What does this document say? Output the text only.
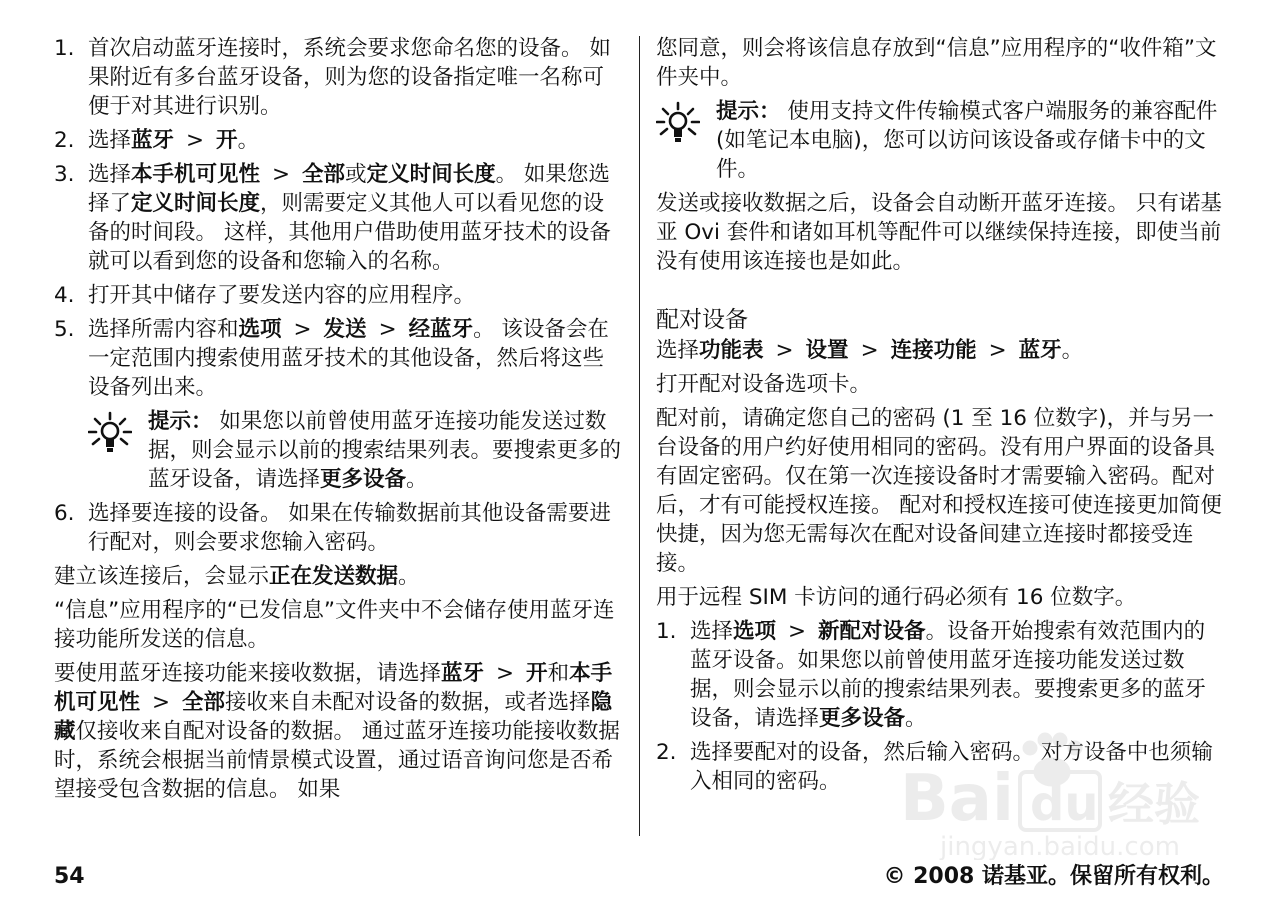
1. 首次启动蓝牙连接时，系统会要求您命名您的设备。 如果附近有多台蓝牙设备，则为您的设备指定唯一名称可便于对其进行识别。
2. 选择蓝牙 > 开。
3. 选择本手机可见性 > 全部或定义时间长度。 如果您选择了定义时间长度，则需要定义其他人可以看见您的设备的时间段。 这样，其他用户借助使用蓝牙技术的设备就可以看到您的设备和您输入的名称。
4. 打开其中储存了要发送内容的应用程序。
5. 选择所需内容和选项 > 发送 > 经蓝牙。 该设备会在一定范围内搜索使用蓝牙技术的其他设备，然后将这些设备列出来。
提示： 如果您以前曾使用蓝牙连接功能发送过数据，则会显示以前的搜索结果列表。要搜索更多的蓝牙设备，请选择更多设备。
6. 选择要连接的设备。 如果在传输数据前其他设备需要进行配对，则会要求您输入密码。

建立该连接后，会显示正在发送数据。

“信息”应用程序的“已发信息”文件夹中不会储存使用蓝牙连接功能所发送的信息。

要使用蓝牙连接功能来接收数据，请选择蓝牙 > 开和本手机可见性 > 全部接收来自未配对设备的数据，或者选择隐藏仅接收来自配对设备的数据。 通过蓝牙连接功能接收数据时，系统会根据当前情景模式设置，通过语音询问您是否希望接受包含数据的信息。 如果

您同意，则会将该信息存放到“信息”应用程序的“收件箱”文件夹中。

提示： 使用支持文件传输模式客户端服务的兼容配件 (如笔记本电脑)，您可以访问该设备或存储卡中的文件。

发送或接收数据之后，设备会自动断开蓝牙连接。 只有诺基亚 Ovi 套件和诸如耳机等配件可以继续保持连接，即使当前没有使用该连接也是如此。

配对设备

选择功能表 > 设置 > 连接功能 > 蓝牙。

打开配对设备选项卡。

配对前，请确定您自己的密码 (1 至 16 位数字)，并与另一台设备的用户约好使用相同的密码。没有用户界面的设备具有固定密码。仅在第一次连接设备时才需要输入密码。配对后，才有可能授权连接。 配对和授权连接可使连接更加简便快捷，因为您无需每次在配对设备间建立连接时都接受连接。

用于远程 SIM 卡访问的通行码必须有 16 位数字。

1. 选择选项 > 新配对设备。设备开始搜索有效范围内的蓝牙设备。如果您以前曾使用蓝牙连接功能发送过数据，则会显示以前的搜索结果列表。要搜索更多的蓝牙设备，请选择更多设备。
2. 选择要配对的设备，然后输入密码。 对方设备中也须输入相同的密码。 Bai du 经验
jingyan.baidu.com
54	© 2008 诺基亚。保留所有权利。
